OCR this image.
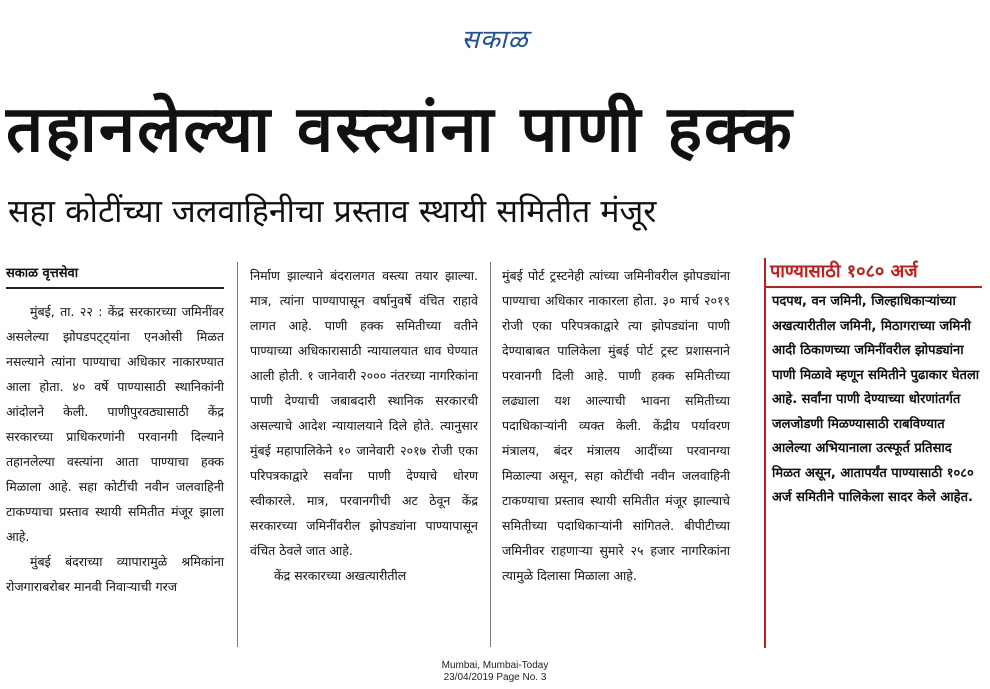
सकाळ
तहानलेल्या वस्त्यांना पाणी हक्क
सहा कोटींच्या जलवाहिनीचा प्रस्ताव स्थायी समितीत मंजूर
सकाळ वृत्तसेवा

मुंबई, ता. २२ : केंद्र सरकारच्या जमिनींवर असलेल्या झोपडपट्ट्यांना एनओसी मिळत नसल्याने त्यांना पाण्याचा अधिकार नाकारण्यात आला होता. ४० वर्षे पाण्यासाठी स्थानिकांनी आंदोलने केली. पाणीपुरवठ्यासाठी केंद्र सरकारच्या प्राधिकरणांनी परवानगी दिल्याने तहानलेल्या वस्त्यांना आता पाण्याचा हक्क मिळाला आहे. सहा कोटींची नवीन जलवाहिनी टाकण्याचा प्रस्ताव स्थायी समितीत मंजूर झाला आहे.

मुंबई बंदराच्या व्यापारामुळे श्रमिकांना रोजगाराबरोबर मानवी निवाऱ्याची गरज

निर्माण झाल्याने बंदरालगत वस्त्या तयार झाल्या. मात्र, त्यांना पाण्यापासून वर्षानुवर्षे वंचित राहावे लागत आहे. पाणी हक्क समितीच्या वतीने पाण्याच्या अधिकारासाठी न्यायालयात धाव घेण्यात आली होती. १ जानेवारी २००० नंतरच्या नागरिकांना पाणी देण्याची जबाबदारी स्थानिक सरकारची असल्याचे आदेश न्यायालयाने दिले होते. त्यानुसार मुंबई महापालिकेने १० जानेवारी २०१७ रोजी एका परिपत्रकाद्वारे सर्वांना पाणी देण्याचे धोरण स्वीकारले. मात्र, परवानगीची अट ठेवून केंद्र सरकारच्या जमिनींवरील झोपड्यांना पाण्यापासून वंचित ठेवले जात आहे.

केंद्र सरकारच्या अखत्यारीतील

मुंबई पोर्ट ट्रस्टनेही त्यांच्या जमिनीवरील झोपड्यांना पाण्याचा अधिकार नाकारला होता. ३० मार्च २०१९ रोजी एका परिपत्रकाद्वारे त्या झोपड्यांना पाणी देण्याबाबत पालिकेला मुंबई पोर्ट ट्रस्ट प्रशासनाने परवानगी दिली आहे. पाणी हक्क समितीच्या लढ्याला यश आल्याची भावना समितीच्या पदाधिकाऱ्यांनी व्यक्त केली. केंद्रीय पर्यावरण मंत्रालय, बंदर मंत्रालय आदींच्या परवानग्या मिळाल्या असून, सहा कोटींची नवीन जलवाहिनी टाकण्याचा प्रस्ताव स्थायी समितीत मंजूर झाल्याचे समितीच्या पदाधिकाऱ्यांनी सांगितले. बीपीटीच्या जमिनीवर राहणाऱ्या सुमारे २५ हजार नागरिकांना त्यामुळे दिलासा मिळाला आहे.

पाण्यासाठी १०८० अर्ज
पदपथ, वन जमिनी, जिल्हाधिकाऱ्यांच्या अखत्यारीतील जमिनी, मिठागराच्या जमिनी आदी ठिकाणच्या जमिनींवरील झोपड्यांना पाणी मिळावे म्हणून समितीने पुढाकार घेतला आहे. सर्वांना पाणी देण्याच्या धोरणांतर्गत जलजोडणी मिळण्यासाठी राबविण्यात आलेल्या अभियानाला उत्स्फूर्त प्रतिसाद मिळत असून, आतापर्यंत पाण्यासाठी १०८० अर्ज समितीने पालिकेला सादर केले आहेत.
Mumbai, Mumbai-Today
23/04/2019 Page No. 3
